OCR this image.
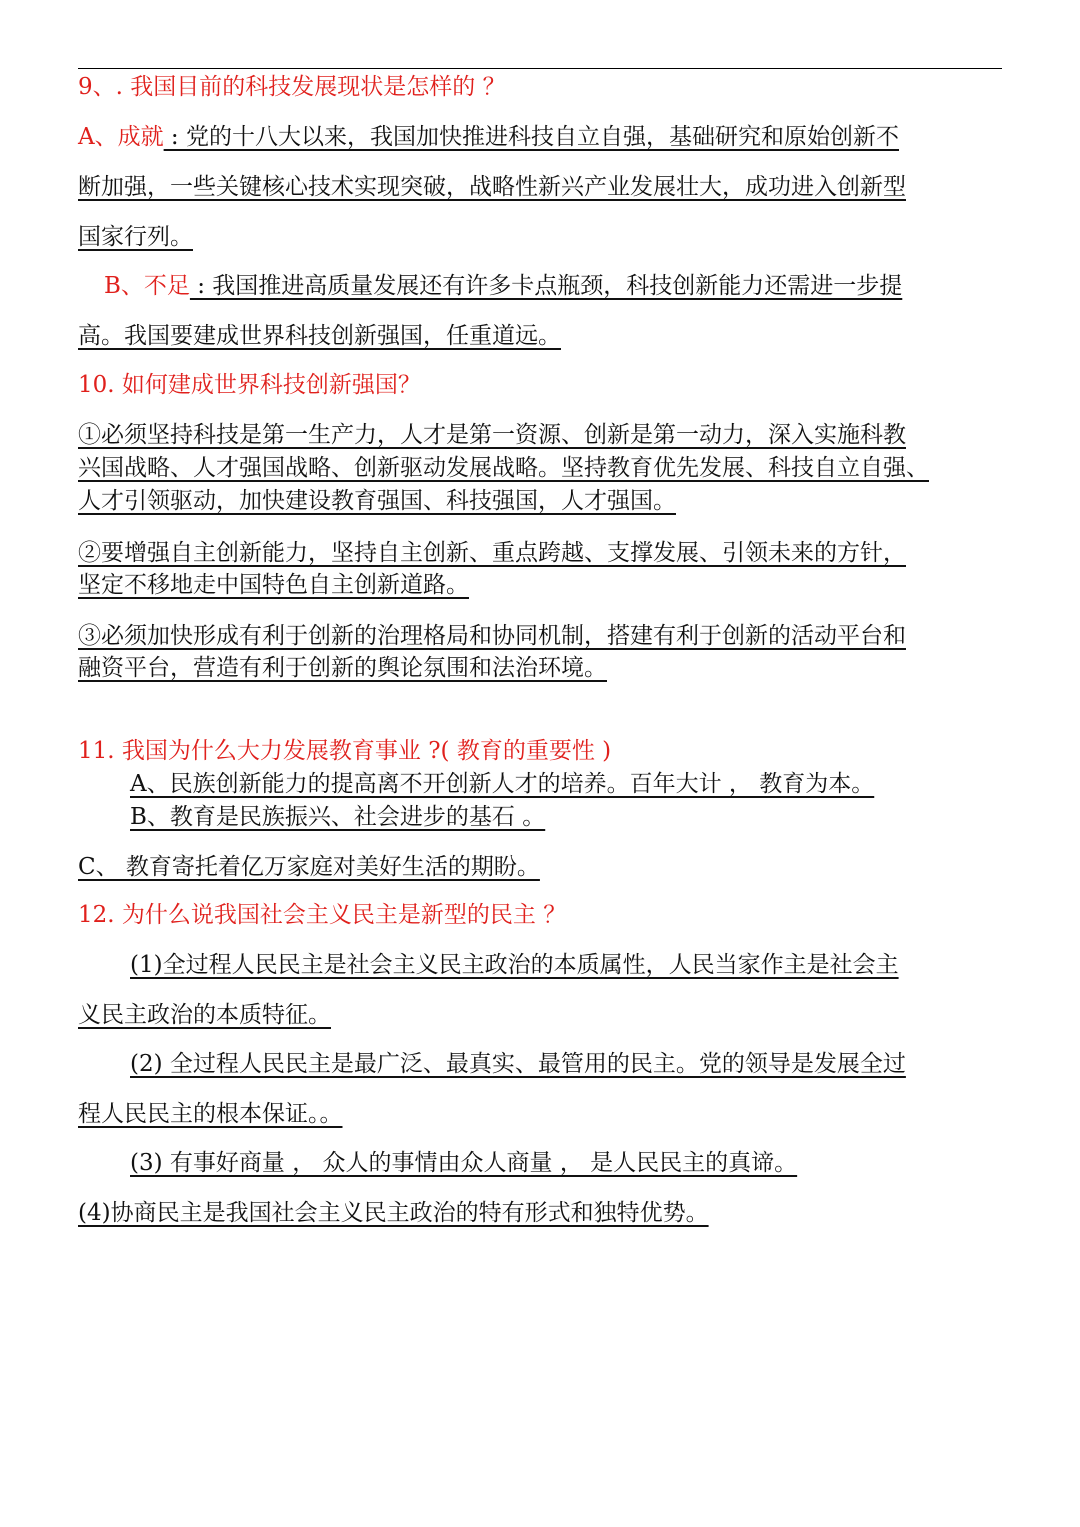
9、. 我国目前的科技发展现状是怎样的 ？
A、成就 : 党的十八大以来，我国加快推进科技自立自强，基础研究和原始创新不
断加强，一些关键核心技术实现突破，战略性新兴产业发展壮大，成功进入创新型
国家行列。
B、不足 : 我国推进高质量发展还有许多卡点瓶颈，科技创新能力还需进一步提
高。我国要建成世界科技创新强国，任重道远。
10. 如何建成世界科技创新强国？
①必须坚持科技是第一生产力，人才是第一资源、创新是第一动力，深入实施科教
兴国战略、人才强国战略、创新驱动发展战略。坚持教育优先发展、科技自立自强、
人才引领驱动，加快建设教育强国、科技强国，人才强国。
②要增强自主创新能力，坚持自主创新、重点跨越、支撑发展、引领未来的方针，
坚定不移地走中国特色自主创新道路。
③必须加快形成有利于创新的治理格局和协同机制，搭建有利于创新的活动平台和
融资平台，营造有利于创新的舆论氛围和法治环境。
11. 我国为什么大力发展教育事业 ?( 教育的重要性 )
A、民族创新能力的提高离不开创新人才的培养。百年大计 ， 教育为本。
B、教育是民族振兴、社会进步的基石 。
C、 教育寄托着亿万家庭对美好生活的期盼。
12. 为什么说我国社会主义民主是新型的民主 ？
(1)全过程人民民主是社会主义民主政治的本质属性，人民当家作主是社会主
义民主政治的本质特征。
(2) 全过程人民民主是最广泛、最真实、最管用的民主。党的领导是发展全过
程人民民主的根本保证。。
(3) 有事好商量 ， 众人的事情由众人商量 ， 是人民民主的真谛。
(4)协商民主是我国社会主义民主政治的特有形式和独特优势。
